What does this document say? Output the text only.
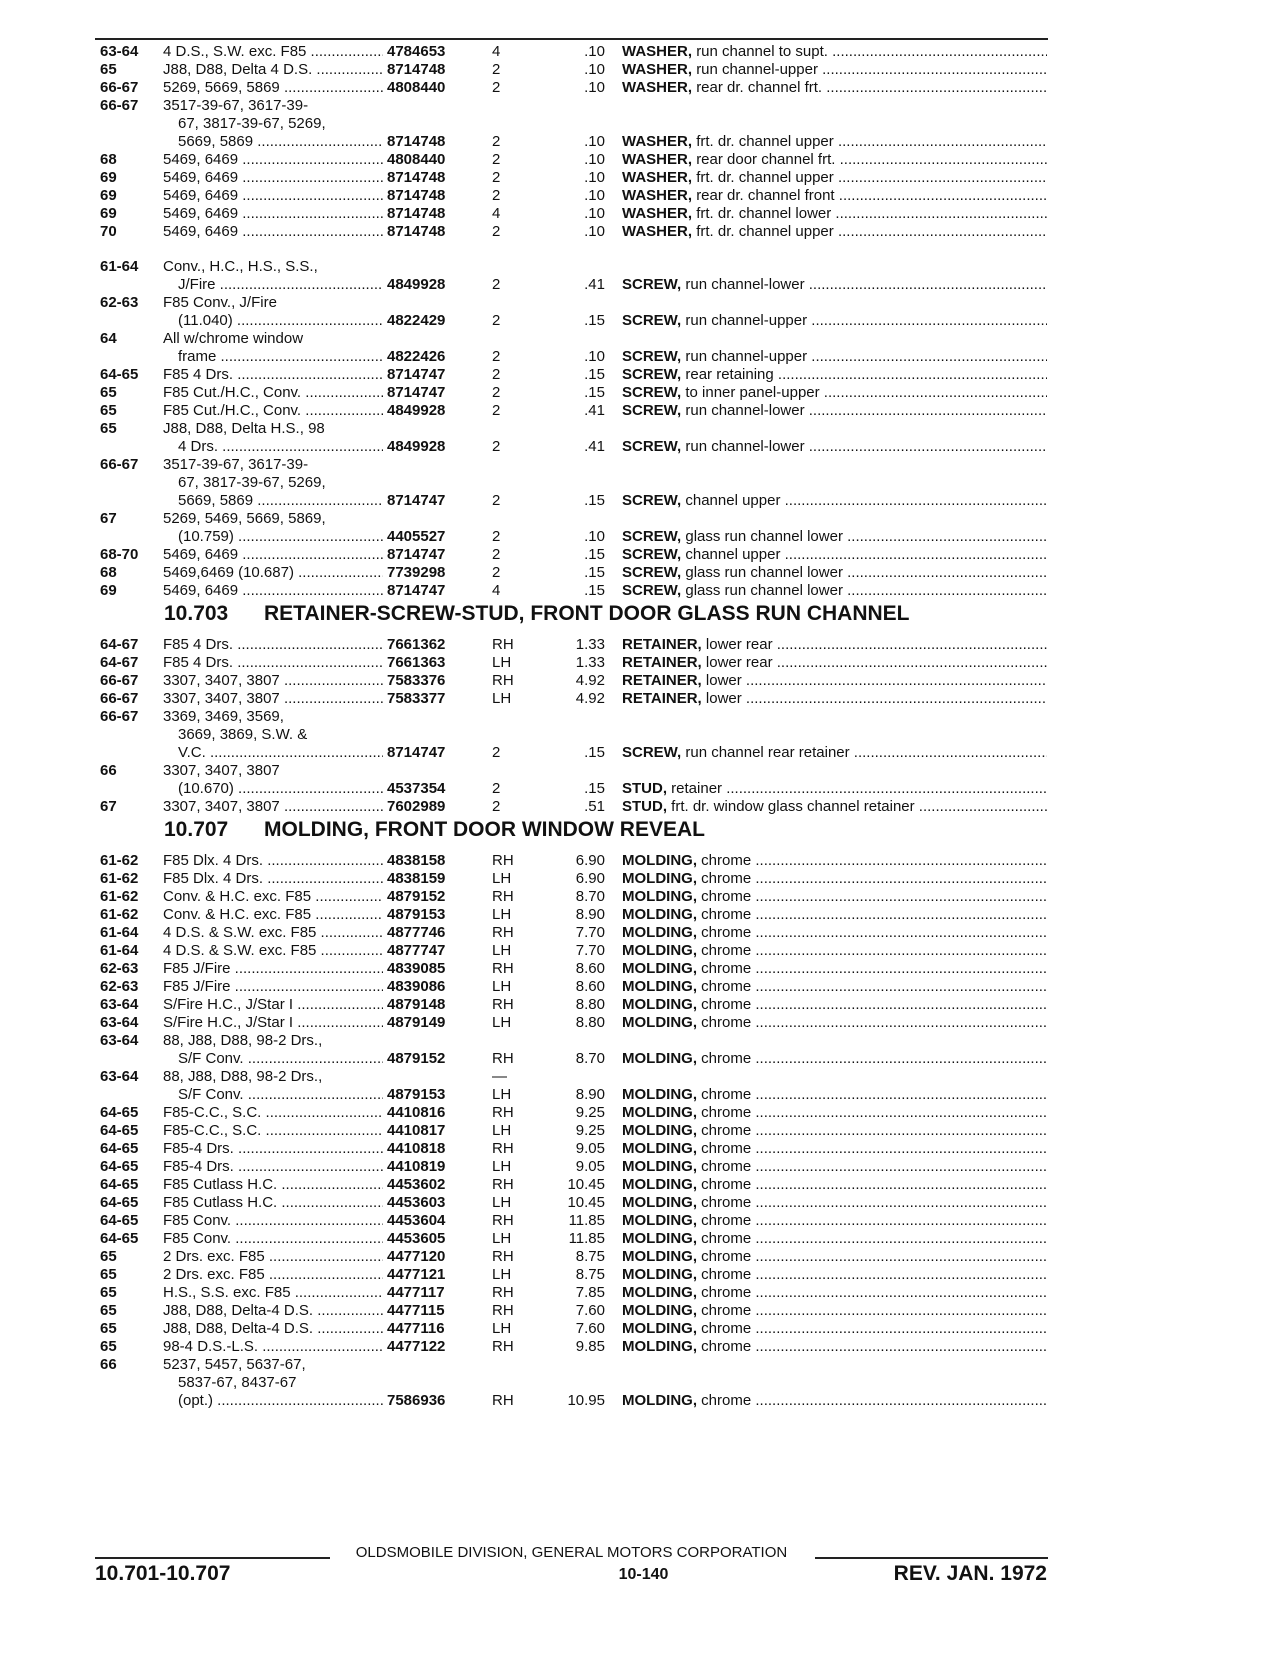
63-64	4 D.S., S.W. exc. F85 .....	4784653	4	.10 WASHER, run channel to supt. .....
65	J88, D88, Delta 4 D.S. .....	8714748	2	.10 WASHER, run channel-upper .....
66-67	5269, 5669, 5869 .....	4808440	2	.10 WASHER, rear dr. channel frt. .....
66-67	3517-39-67, 3617-39-
67, 3817-39-67, 5269,
5669, 5869 .....	8714748	2	.10 WASHER, frt. dr. channel upper .....
68	5469, 6469 .....	4808440	2	.10 WASHER, rear door channel frt. .....
69	5469, 6469 .....	8714748	2	.10 WASHER, frt. dr. channel upper .....
69	5469, 6469 .....	8714748	2	.10 WASHER, rear dr. channel front .....
69	5469, 6469 .....	8714748	4	.10 WASHER, frt. dr. channel lower .....
70	5469, 6469 .....	8714748	2	.10 WASHER, frt. dr. channel upper .....
61-64	Conv., H.C., H.S., S.S.,
J/Fire .....	4849928	2	.41 SCREW, run channel-lower .....
62-63	F85 Conv., J/Fire
(11.040) .....	4822429	2	.15 SCREW, run channel-upper .....
64	All w/chrome window
frame .....	4822426	2	.10 SCREW, run channel-upper .....
64-65	F85 4 Drs. .....	8714747	2	.15 SCREW, rear retaining .....
65	F85 Cut./H.C., Conv. .....	8714747	2	.15 SCREW, to inner panel-upper .....
65	F85 Cut./H.C., Conv. .....	4849928	2	.41 SCREW, run channel-lower .....
65	J88, D88, Delta H.S., 98
4 Drs. .....	4849928	2	.41 SCREW, run channel-lower .....
66-67	3517-39-67, 3617-39-
67, 3817-39-67, 5269,
5669, 5869 .....	8714747	2	.15 SCREW, channel upper .....
67	5269, 5469, 5669, 5869,
(10.759) .....	4405527	2	.10 SCREW, glass run channel lower .....
68-70	5469, 6469 .....	8714747	2	.15 SCREW, channel upper .....
68	5469,6469 (10.687) .....	7739298	2	.15 SCREW, glass run channel lower .....
69	5469, 6469 .....	8714747	4	.15 SCREW, glass run channel lower .....
64-67	F85 4 Drs. .....	7661362	RH	1.33 RETAINER, lower rear .....
64-67	F85 4 Drs. .....	7661363	LH	1.33 RETAINER, lower rear .....
66-67	3307, 3407, 3807 .....	7583376	RH	4.92 RETAINER, lower .....
66-67	3307, 3407, 3807 .....	7583377	LH	4.92 RETAINER, lower .....
66-67	3369, 3469, 3569,
3669, 3869, S.W. &
V.C. .....	8714747	2	.15 SCREW, run channel rear retainer .....
66	3307, 3407, 3807
(10.670) .....	4537354	2	.15 STUD, retainer .....
67	3307, 3407, 3807 .....	7602989	2	.51 STUD, frt. dr. window glass channel retainer .....
61-62	F85 Dlx. 4 Drs. .....	4838158	RH	6.90 MOLDING, chrome .....
61-62	F85 Dlx. 4 Drs. .....	4838159	LH	6.90 MOLDING, chrome .....
61-62	Conv. & H.C. exc. F85 .....	4879152	RH	8.70 MOLDING, chrome .....
61-62	Conv. & H.C. exc. F85 .....	4879153	LH	8.90 MOLDING, chrome .....
61-64	4 D.S. & S.W. exc. F85 .....	4877746	RH	7.70 MOLDING, chrome .....
61-64	4 D.S. & S.W. exc. F85 .....	4877747	LH	7.70 MOLDING, chrome .....
62-63	F85 J/Fire .....	4839085	RH	8.60 MOLDING, chrome .....
62-63	F85 J/Fire .....	4839086	LH	8.60 MOLDING, chrome .....
63-64	S/Fire H.C., J/Star I .....	4879148	RH	8.80 MOLDING, chrome .....
63-64	S/Fire H.C., J/Star I .....	4879149	LH	8.80 MOLDING, chrome .....
63-64	88, J88, D88, 98-2 Drs.,
S/F Conv. .....	4879152	RH	8.70 MOLDING, chrome .....
63-64	88, J88, D88, 98-2 Drs.,	—
S/F Conv. .....	4879153	LH	8.90 MOLDING, chrome .....
64-65	F85-C.C., S.C. .....	4410816	RH	9.25 MOLDING, chrome .....
64-65	F85-C.C., S.C. .....	4410817	LH	9.25 MOLDING, chrome .....
64-65	F85-4 Drs. .....	4410818	RH	9.05 MOLDING, chrome .....
64-65	F85-4 Drs. .....	4410819	LH	9.05 MOLDING, chrome .....
64-65	F85 Cutlass H.C. .....	4453602	RH	10.45 MOLDING, chrome .....
64-65	F85 Cutlass H.C. .....	4453603	LH	10.45 MOLDING, chrome .....
64-65	F85 Conv. .....	4453604	RH	11.85 MOLDING, chrome .....
64-65	F85 Conv. .....	4453605	LH	11.85 MOLDING, chrome .....
65	2 Drs. exc. F85 .....	4477120	RH	8.75 MOLDING, chrome .....
65	2 Drs. exc. F85 .....	4477121	LH	8.75 MOLDING, chrome .....
65	H.S., S.S. exc. F85 .....	4477117	RH	7.85 MOLDING, chrome .....
65	J88, D88, Delta-4 D.S. .....	4477115	RH	7.60 MOLDING, chrome .....
65	J88, D88, Delta-4 D.S. .....	4477116	LH	7.60 MOLDING, chrome .....
65	98-4 D.S.-L.S. .....	4477122	RH	9.85 MOLDING, chrome .....
66	5237, 5457, 5637-67,
5837-67, 8437-67
(opt.) .....	7586936	RH	10.95 MOLDING, chrome .....
10.703 RETAINER-SCREW-STUD, FRONT DOOR GLASS RUN CHANNEL
10.707 MOLDING, FRONT DOOR WINDOW REVEAL
OLDSMOBILE DIVISION, GENERAL MOTORS CORPORATION
10.701-10.707	10-140	REV. JAN. 1972
